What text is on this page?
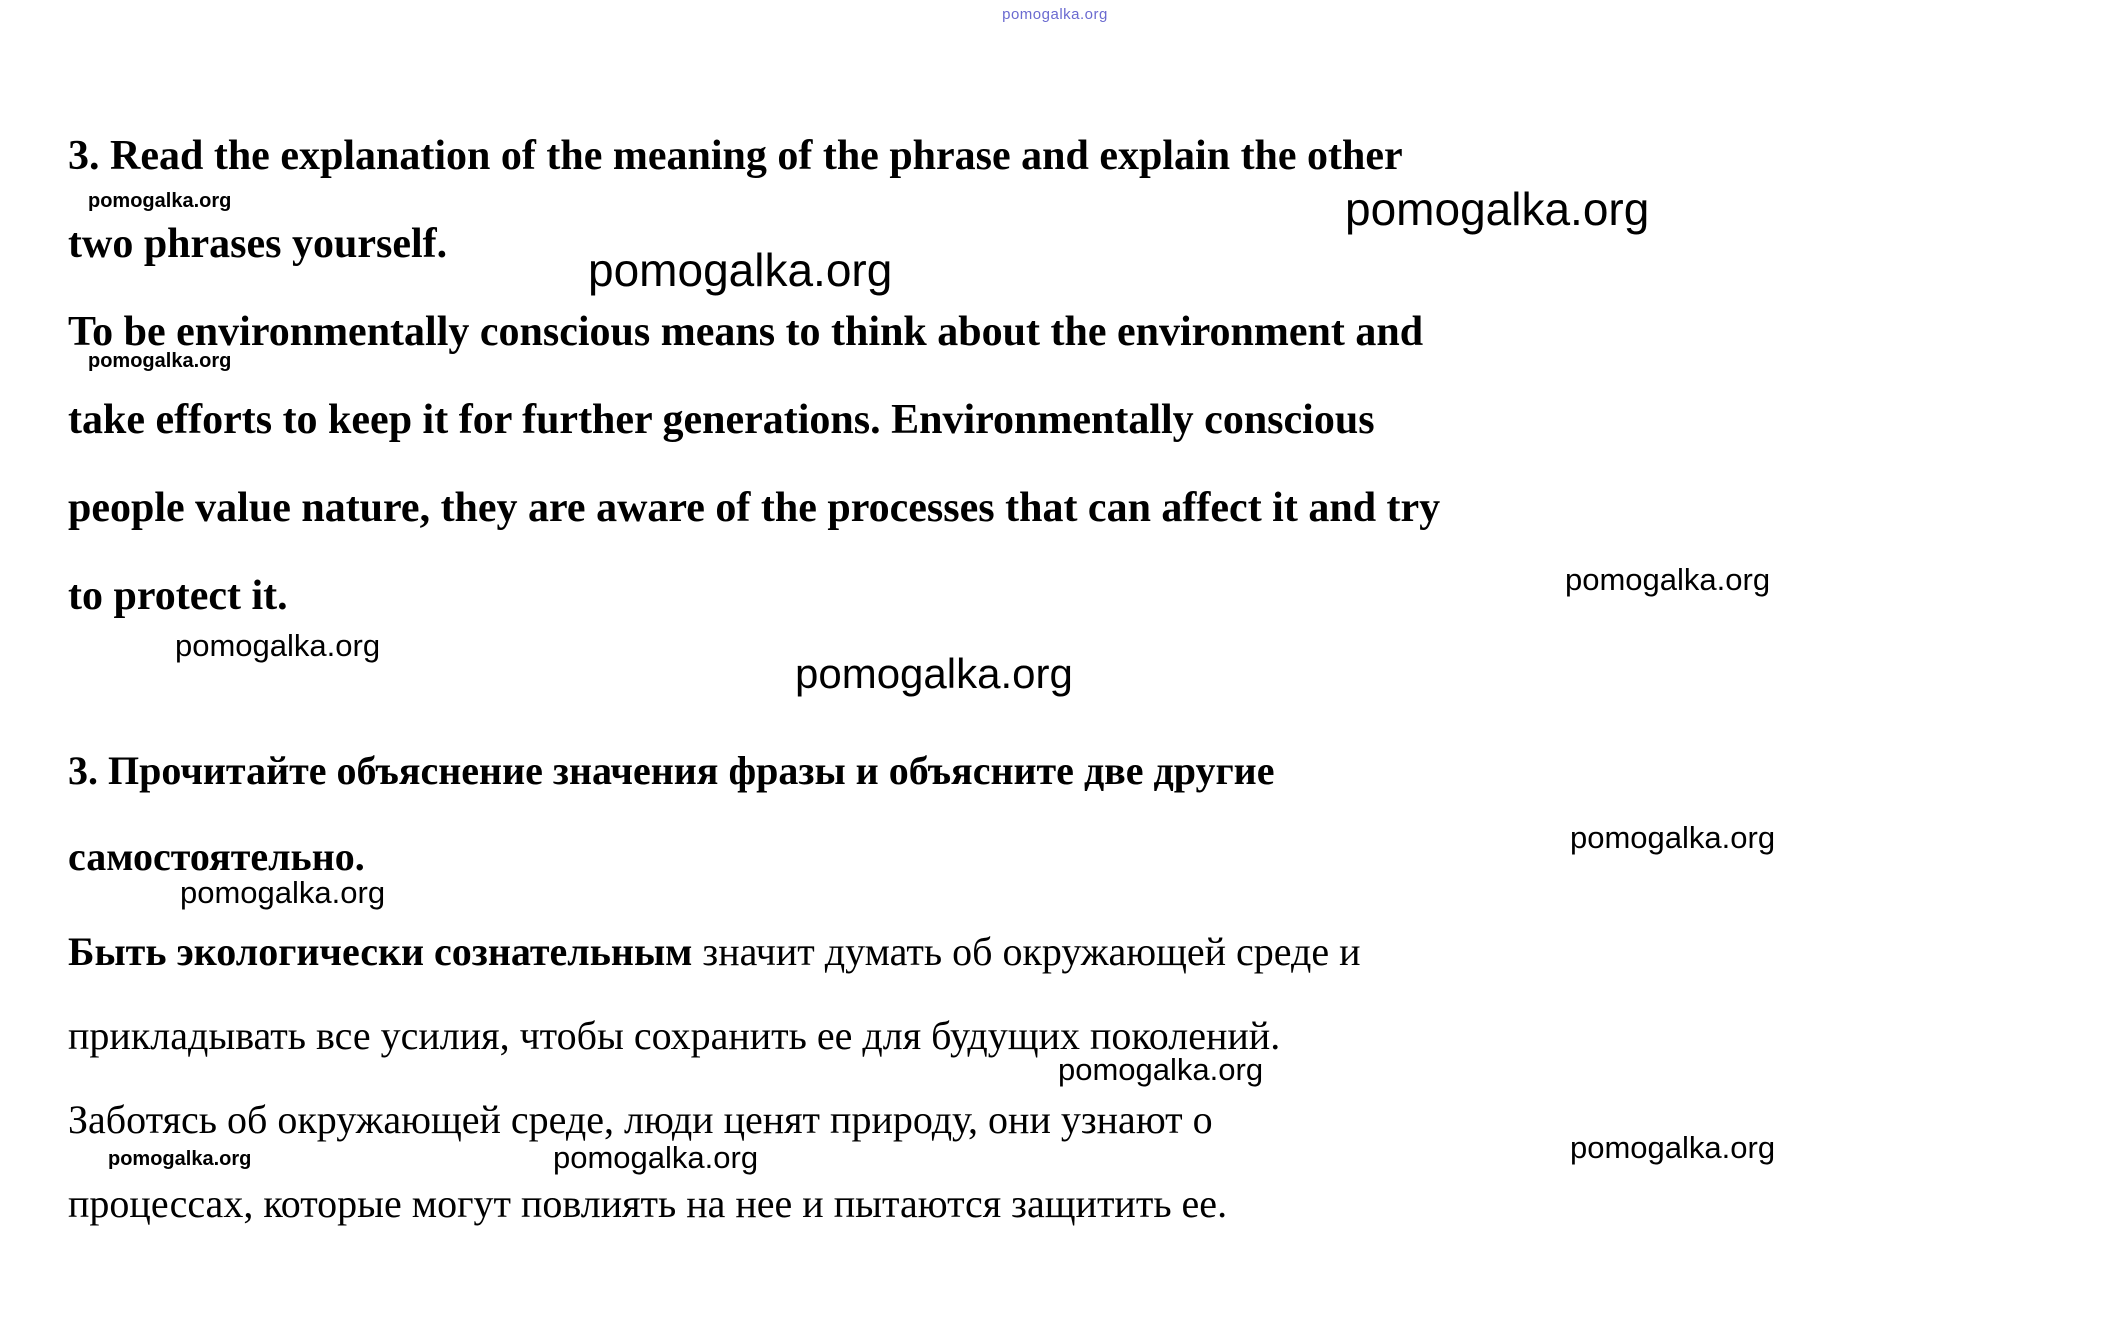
pomogalka.org
3. Read the explanation of the meaning of the phrase and explain the other
two phrases yourself.
To be environmentally conscious means to think about the environment and
take efforts to keep it for further generations. Environmentally conscious
people value nature, they are aware of the processes that can affect it and try
to protect it.
3. Прочитайте объяснение значения фразы и объясните две другие
самостоятельно.
Быть экологически сознательным значит думать об окружающей среде и
прикладывать все усилия, чтобы сохранить ее для будущих поколений.
Заботясь об окружающей среде, люди ценят природу, они узнают о
процессах, которые могут повлиять на нее и пытаются защитить ее.
pomogalka.org	pomogalka.org
pomogalka.org
pomogalka.org
pomogalka.org
pomogalka.org
pomogalka.org
pomogalka.org
pomogalka.org
pomogalka.org
pomogalka.org
pomogalka.org
pomogalka.org
